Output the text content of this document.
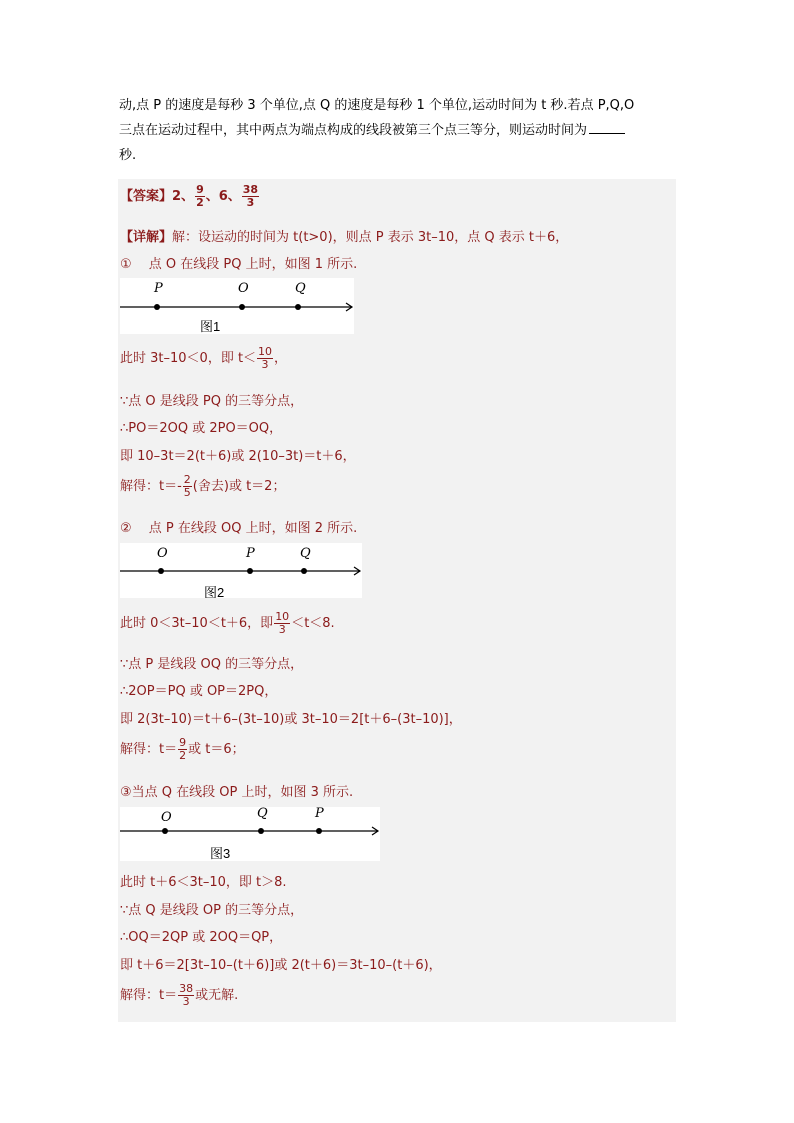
动,点 P 的速度是每秒 3 个单位,点 Q 的速度是每秒 1 个单位,运动时间为 t 秒.若点 P,Q,O

三点在运动过程中，其中两点为端点构成的线段被第三个点三等分，则运动时间为

秒.

【答案】2、 $\frac{9}{2}$ 、6、 $\frac{38}{3}$
【详解】解：设运动的时间为 t(t>0)，则点 P 表示 3t–10，点 Q 表示 t＋6，
①　 点 O 在线段 PQ 上时，如图 1 所示.
P	O	Q
图1
此时 3t–10＜0，即 $t< \frac{10}{3}$ ，
∵点 O 是线段 PQ 的三等分点，
∴PO＝2OQ 或 2PO＝OQ，
即 10–3t＝2(t＋6)或 2(10–3t)＝t＋6，
解得：$t=- \frac{2}{5}$ (舍去)或 t＝2；
②　 点 P 在线段 OQ 上时，如图 2 所示.
O	P	Q
图2
此时 0＜3t–10＜t＋6，即 $\frac{10}{3} <t<8$.
∵点 P 是线段 OQ 的三等分点，
∴2OP＝PQ 或 OP＝2PQ，
即 2(3t–10)＝t＋6–(3t–10)或 3t–10＝2[t＋6–(3t–10)]，
解得：$t= \frac{9}{2}$ 或 t＝6；
③当点 Q 在线段 OP 上时，如图 3 所示.
O	Q	P
图3
此时 t＋6＜3t–10，即 t＞8.
∵点 Q 是线段 OP 的三等分点，
∴OQ＝2QP 或 2OQ＝QP，
即 t＋6＝2[3t–10–(t＋6)]或 2(t＋6)＝3t–10–(t＋6)，
解得：$t= \frac{38}{3}$ 或无解.
